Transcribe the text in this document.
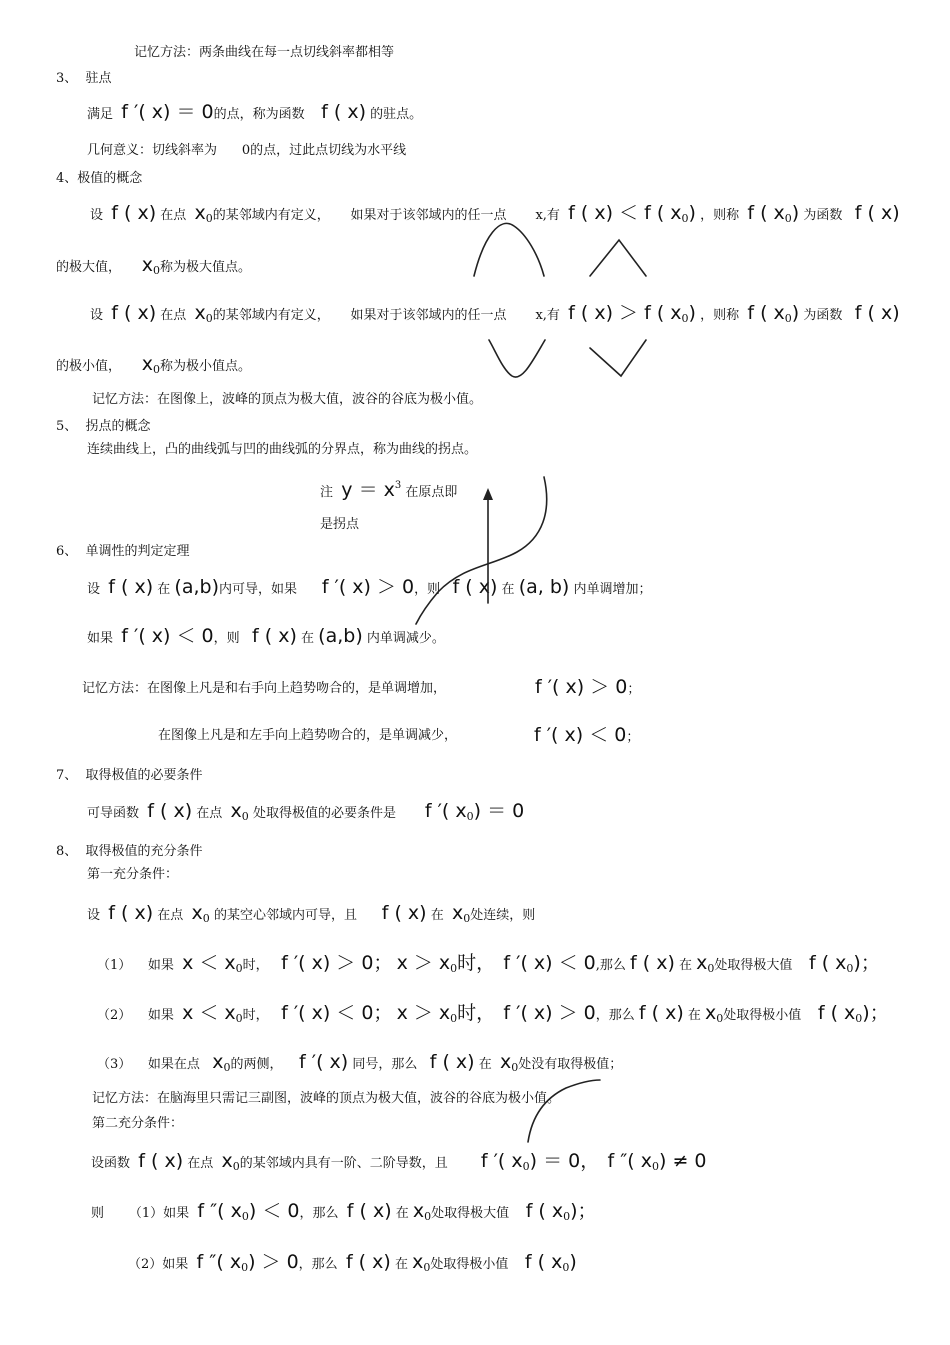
记忆方法：两条曲线在每一点切线斜率都相等
3、 驻点
满足 f ′( x) ＝ 0的点，称为函数 f ( x) 的驻点。
几何意义：切线斜率为 0的点，过此点切线为水平线
4、极值的概念
设 f ( x) 在点 $x_0$的某邻域内有定义， 如果对于该邻域内的任一点 x,有 f ( x) ＜ f ( $x_0$) ，则称 f ( $x_0$) 为函数 f ( x)
的极大值， $x_0$称为极大值点。
设 f ( x) 在点 $x_0$的某邻域内有定义， 如果对于该邻域内的任一点 x,有 f ( x) ＞ f ( $x_0$) ，则称 f ( $x_0$) 为函数 f ( x)
的极小值， $x_0$称为极小值点。
记忆方法：在图像上，波峰的顶点为极大值，波谷的谷底为极小值。
5、 拐点的概念
连续曲线上，凸的曲线弧与凹的曲线弧的分界点，称为曲线的拐点。
注 $y = x^3$ 在原点即
是拐点
6、 单调性的判定定理
设 f ( x) 在 (a,b)内可导，如果 f ′( x) ＞ 0，则 f ( x) 在 (a, b) 内单调增加；
如果 f ′( x) ＜ 0，则 f ( x) 在 (a,b) 内单调减少。
记忆方法：在图像上凡是和右手向上趋势吻合的，是单调增加，	f ′( x) ＞ 0；
在图像上凡是和左手向上趋势吻合的，是单调减少，	f ′( x) ＜ 0；
7、 取得极值的必要条件
可导函数 f ( x) 在点 $x_0$ 处取得极值的必要条件是 f ′( $x_0) = 0$
8、 取得极值的充分条件
第一充分条件：
设 f ( x) 在点 $x_0$ 的某空心邻域内可导，且 f ( x) 在 $x_0$处连续，则
（1） 如果 $x < x_0$时， f ′( x) ＞ 0； $x > x_0$时， f ′( x) ＜ 0,那么 f ( x) 在 $x_0$处取得极大值 f ( $x_0$)；
（2） 如果 $x < x_0$时， f ′( x) ＜ 0； $x > x_0$时， f ′( x) ＞ 0，那么 f ( x) 在 $x_0$处取得极小值 f ( $x_0$)；
（3） 如果在点 $x_0$的两侧， f ′( x) 同号，那么 f ( x) 在 $x_0$处没有取得极值；
记忆方法：在脑海里只需记三副图，波峰的顶点为极大值，波谷的谷底为极小值。
第二充分条件：
设函数 f ( x) 在点 $x_0$的某邻域内具有一阶、二阶导数，且 f ′( $x_0) = 0$， f ″( $x_0) \ne 0$
则 （1）如果 f ″( $x_0) < 0$，那么 f ( x) 在 $x_0$处取得极大值 f ( $x_0$)；
（2）如果 f ″( $x_0) > 0$，那么 f ( x) 在 $x_0$处取得极小值 f ( $x_0$)
